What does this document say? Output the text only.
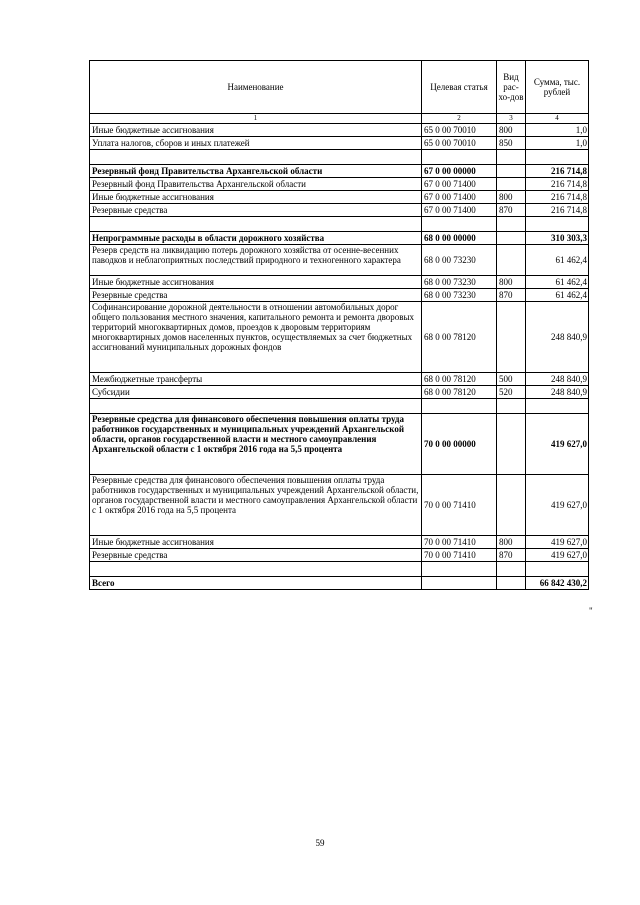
Наименование	Целевая статья	Вид рас-хо-дов	Сумма, тыс. рублей
1	2	3	4
Иные бюджетные ассигнования	65 0 00 70010	800	1,0
Уплата налогов, сборов и иных платежей	65 0 00 70010	850	1,0

Резервный фонд Правительства Архангельской области	67 0 00 00000		216 714,8
Резервный фонд Правительства Архангельской области	67 0 00 71400		216 714,8
Иные бюджетные ассигнования	67 0 00 71400	800	216 714,8
Резервные средства	67 0 00 71400	870	216 714,8

Непрограммные расходы в области дорожного хозяйства	68 0 00 00000		310 303,3
Резерв средств на ликвидацию потерь дорожного хозяйства от осенне-весенних паводков и неблагоприятных последствий природного и техногенного характера	68 0 00 73230		61 462,4
Иные бюджетные ассигнования	68 0 00 73230	800	61 462,4
Резервные средства	68 0 00 73230	870	61 462,4
Софинансирование дорожной деятельности в отношении автомобильных дорог общего пользования местного значения, капитального ремонта и ремонта дворовых территорий многоквартирных домов, проездов к дворовым территориям многоквартирных домов населенных пунктов, осуществляемых за счет бюджетных ассигнований муниципальных дорожных фондов	68 0 00 78120		248 840,9
Межбюджетные трансферты	68 0 00 78120	500	248 840,9
Субсидии	68 0 00 78120	520	248 840,9

Резервные средства для финансового обеспечения повышения оплаты труда работников государственных и муниципальных учреждений Архангельской области, органов государственной власти и местного самоуправления Архангельской области с 1 октября 2016 года на 5,5 процента	70 0 00 00000		419 627,0
Резервные средства для финансового обеспечения повышения оплаты труда работников государственных и муниципальных учреждений Архангельской области, органов государственной власти и местного самоуправления Архангельской области с 1 октября 2016 года на 5,5 процента	70 0 00 71410		419 627,0
Иные бюджетные ассигнования	70 0 00 71410	800	419 627,0
Резервные средства	70 0 00 71410	870	419 627,0

Всего			66 842 430,2
"
59
